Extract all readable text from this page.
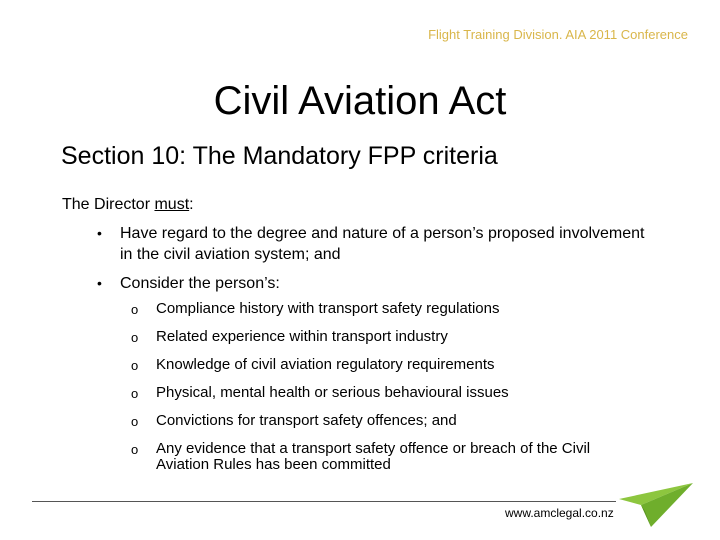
Flight Training Division. AIA 2011 Conference
Civil Aviation Act
Section 10: The Mandatory FPP criteria
The Director must:
•	Have regard to the degree and nature of a person’s proposed involvement in the civil aviation system; and
•	Consider the person’s:
o	Compliance history with transport safety regulations
o	Related experience within transport industry
o	Knowledge of civil aviation regulatory requirements
o	Physical, mental health or serious behavioural issues
o	Convictions for transport safety offences; and
o	Any evidence that a transport safety offence or breach of the Civil Aviation Rules has been committed
www.amclegal.co.nz
